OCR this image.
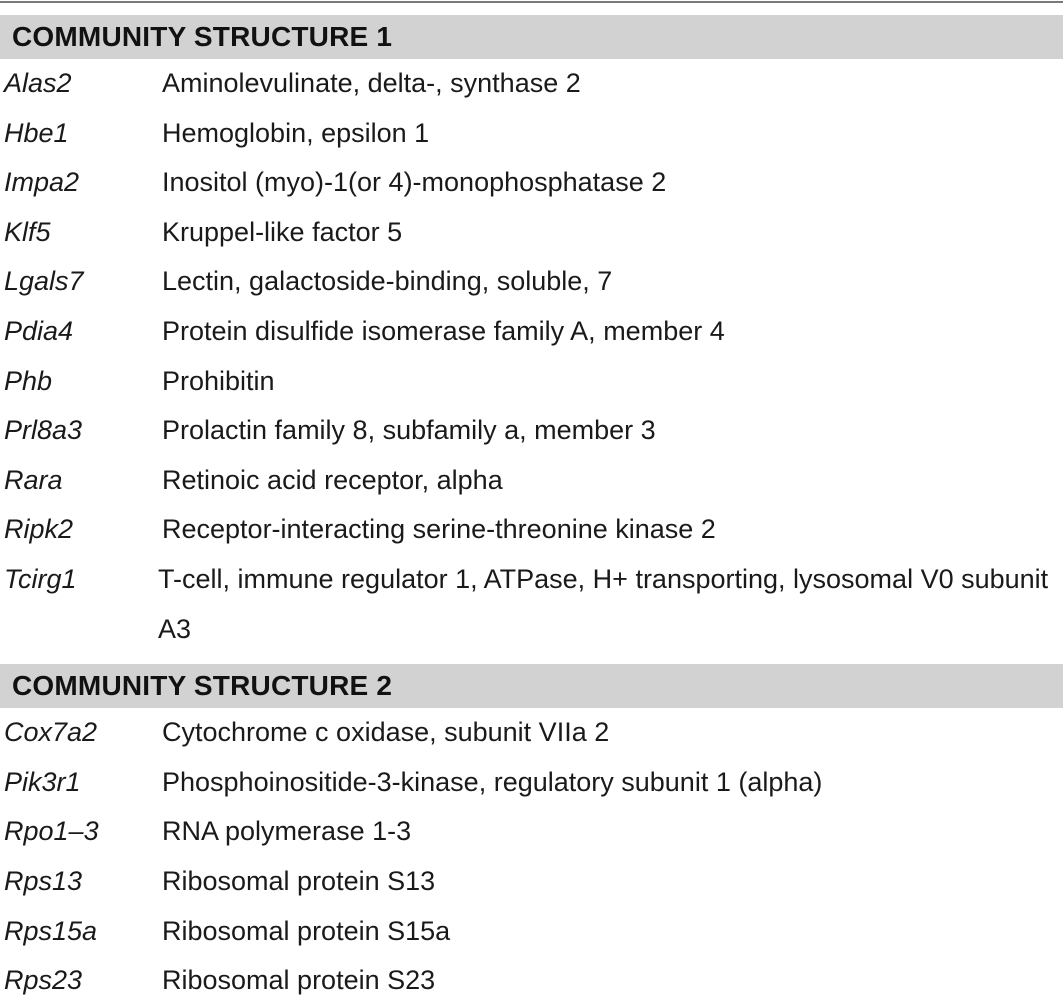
COMMUNITY STRUCTURE 1
Alas2	Aminolevulinate, delta-, synthase 2
Hbe1	Hemoglobin, epsilon 1
Impa2	Inositol (myo)-1(or 4)-monophosphatase 2
Klf5	Kruppel-like factor 5
Lgals7	Lectin, galactoside-binding, soluble, 7
Pdia4	Protein disulfide isomerase family A, member 4
Phb	Prohibitin
Prl8a3	Prolactin family 8, subfamily a, member 3
Rara	Retinoic acid receptor, alpha
Ripk2	Receptor-interacting serine-threonine kinase 2
Tcirg1	T-cell, immune regulator 1, ATPase, H+ transporting, lysosomal V0 subunit A3
COMMUNITY STRUCTURE 2
Cox7a2	Cytochrome c oxidase, subunit VIIa 2
Pik3r1	Phosphoinositide-3-kinase, regulatory subunit 1 (alpha)
Rpo1–3	RNA polymerase 1-3
Rps13	Ribosomal protein S13
Rps15a	Ribosomal protein S15a
Rps23	Ribosomal protein S23
